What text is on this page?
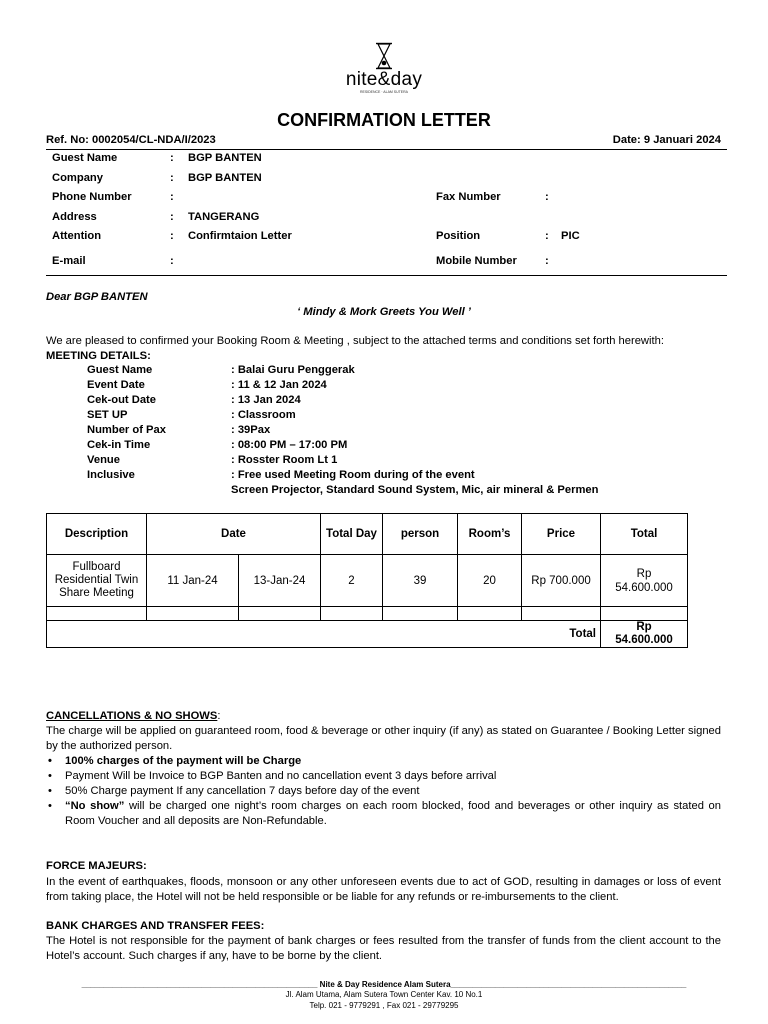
nite&day
RESIDENCE · ALAM SUTERA
CONFIRMATION LETTER
Ref. No: 0002054/CL-NDA/I/2023	Date: 9 Januari 2024
Guest Name	: BGP BANTEN
Company	: BGP BANTEN
Phone Number	:	Fax Number	:
Address	: TANGERANG
Attention	: Confirmtaion Letter	Position	: PIC
E-mail	:	Mobile Number	:
Dear BGP BANTEN
‘ Mindy & Mork Greets You Well ’
We are pleased to confirmed your Booking Room & Meeting , subject to the attached terms and conditions set forth herewith:
MEETING DETAILS:
Guest Name	: Balai Guru Penggerak
Event Date	: 11 & 12 Jan 2024
Cek-out Date	: 13 Jan 2024
SET UP	: Classroom
Number of Pax	: 39Pax
Cek-in Time	: 08:00 PM – 17:00 PM
Venue	: Rosster Room Lt 1
Inclusive	: Free used Meeting Room during of the event
Screen Projector, Standard Sound System, Mic, air mineral & Permen
Description	Date		Total Day	person	Room’s	Price	Total
Fullboard Residential Twin Share Meeting	11 Jan-24	13-Jan-24	2	39	20	Rp 700.000	Rp 54.600.000

Total							Rp 54.600.000
CANCELLATIONS & NO SHOWS:
The charge will be applied on guaranteed room, food & beverage or other inquiry (if any) as stated on Guarantee / Booking Letter signed by the authorized person.
• 100% charges of the payment will be Charge
• Payment Will be Invoice to BGP Banten and no cancellation event 3 days before arrival
• 50% Charge payment If any cancellation 7 days before day of the event
• “No show” will be charged one night’s room charges on each room blocked, food and beverages or other inquiry as stated on Room Voucher and all deposits are Non-Refundable.
FORCE MAJEURS:
In the event of earthquakes, floods, monsoon or any other unforeseen events due to act of GOD, resulting in damages or loss of event from taking place, the Hotel will not be held responsible or be liable for any refunds or re-imbursements to the client.
BANK CHARGES AND TRANSFER FEES:
The Hotel is not responsible for the payment of bank charges or fees resulted from the transfer of funds from the client account to the Hotel’s account. Such charges if any, have to be borne by the client.
_____________________________________________________ Nite & Day Residence Alam Sutera_____________________________________________________
Jl. Alam Utama, Alam Sutera Town Center Kav. 10 No.1
Telp. 021 - 9779291 , Fax 021 - 29779295
